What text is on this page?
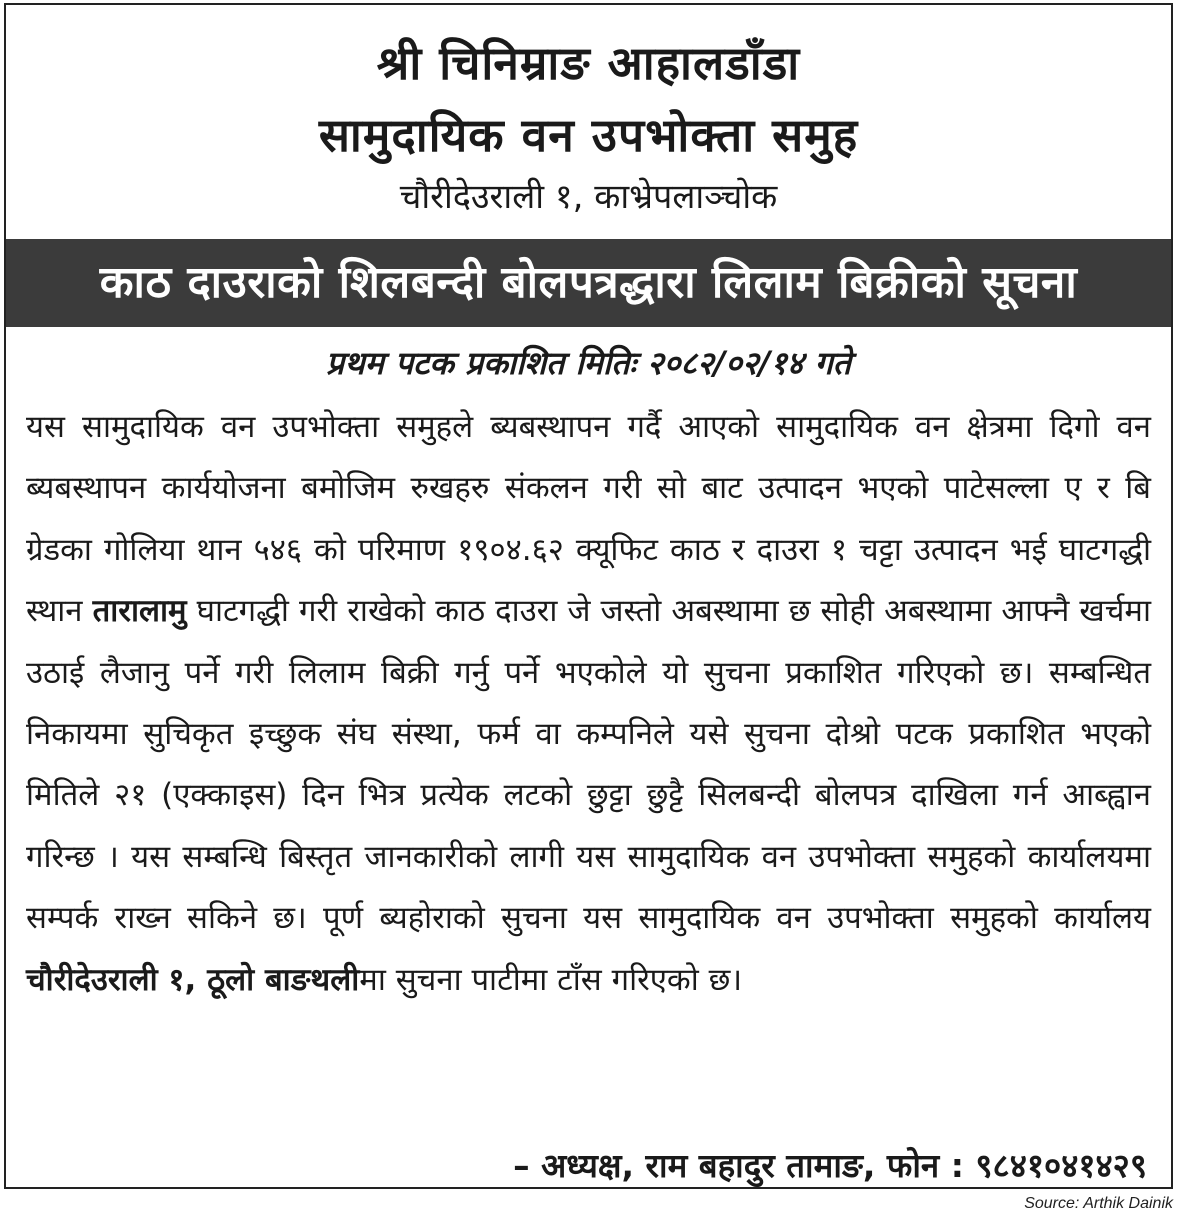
श्री चिनिम्राङ आहालडाँडा
सामुदायिक वन उपभोक्ता समुह
चौरीदेउराली १, काभ्रेपलाञ्चोक
काठ दाउराको शिलबन्दी बोलपत्रद्धारा लिलाम बिक्रीको सूचना
प्रथम पटक प्रकाशित मितिः २०८२/०२/१४ गते

यस सामुदायिक वन उपभोक्ता समुहले ब्यबस्थापन गर्दै आएको सामुदायिक वन क्षेत्रमा दिगो वन ब्यबस्थापन कार्ययोजना बमोजिम रुखहरु संकलन गरी सो बाट उत्पादन भएको पाटेसल्ला ए र बि ग्रेडका गोलिया थान ५४६ को परिमाण १९०४.६२ क्यूफिट काठ र दाउरा १ चट्टा उत्पादन भई घाटगद्धी स्थान तारालामु घाटगद्धी गरी राखेको काठ दाउरा जे जस्तो अबस्थामा छ सोही अबस्थामा आफ्नै खर्चमा उठाई लैजानु पर्ने गरी लिलाम बिक्री गर्नु पर्ने भएकोले यो सुचना प्रकाशित गरिएको छ। सम्बन्धित निकायमा सुचिकृत इच्छुक संघ संस्था, फर्म वा कम्पनिले यसे सुचना दोश्रो पटक प्रकाशित भएको मितिले २१ (एक्काइस) दिन भित्र प्रत्येक लटको छुट्टा छुट्टै सिलबन्दी बोलपत्र दाखिला गर्न आब्ह्वान गरिन्छ । यस सम्बन्धि बिस्तृत जानकारीको लागी यस सामुदायिक वन उपभोक्ता समुहको कार्यालयमा सम्पर्क राख्न सकिने छ। पूर्ण ब्यहोराको सुचना यस सामुदायिक वन उपभोक्ता समुहको कार्यालय चौरीदेउराली १, ठूलो बाङथलीमा सुचना पाटीमा टाँस गरिएको छ।

– अध्यक्ष, राम बहादुर तामाङ, फोन : ९८४१०४१४२९
Source: Arthik Dainik
